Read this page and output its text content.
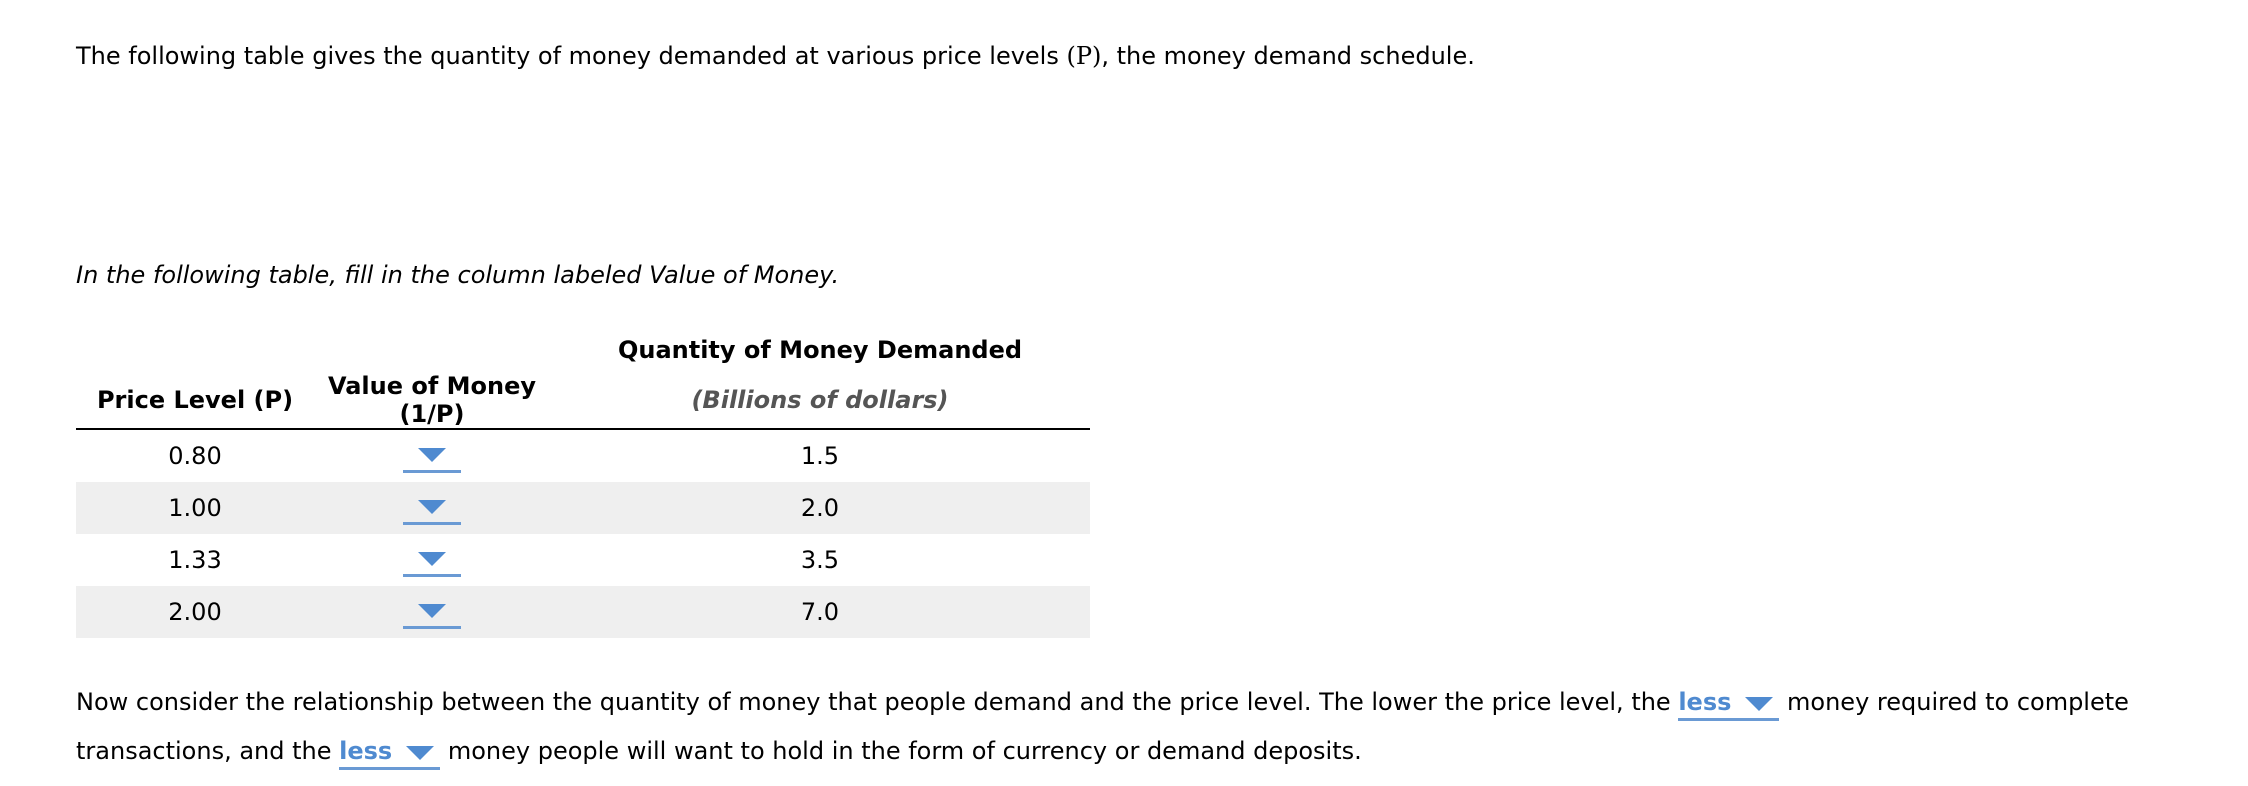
The following table gives the quantity of money demanded at various price levels (P), the money demand schedule.
In the following table, fill in the column labeled Value of Money.
		Quantity of Money Demanded
Price Level (P)	Value of Money (1/P)	(Billions of dollars)
0.80		1.5
1.00		2.0
1.33		3.5
2.00		7.0
Now consider the relationship between the quantity of money that people demand and the price level. The lower the price level, the less
money required to complete transactions, and the less
money people will want to hold in the form of currency or demand deposits.
